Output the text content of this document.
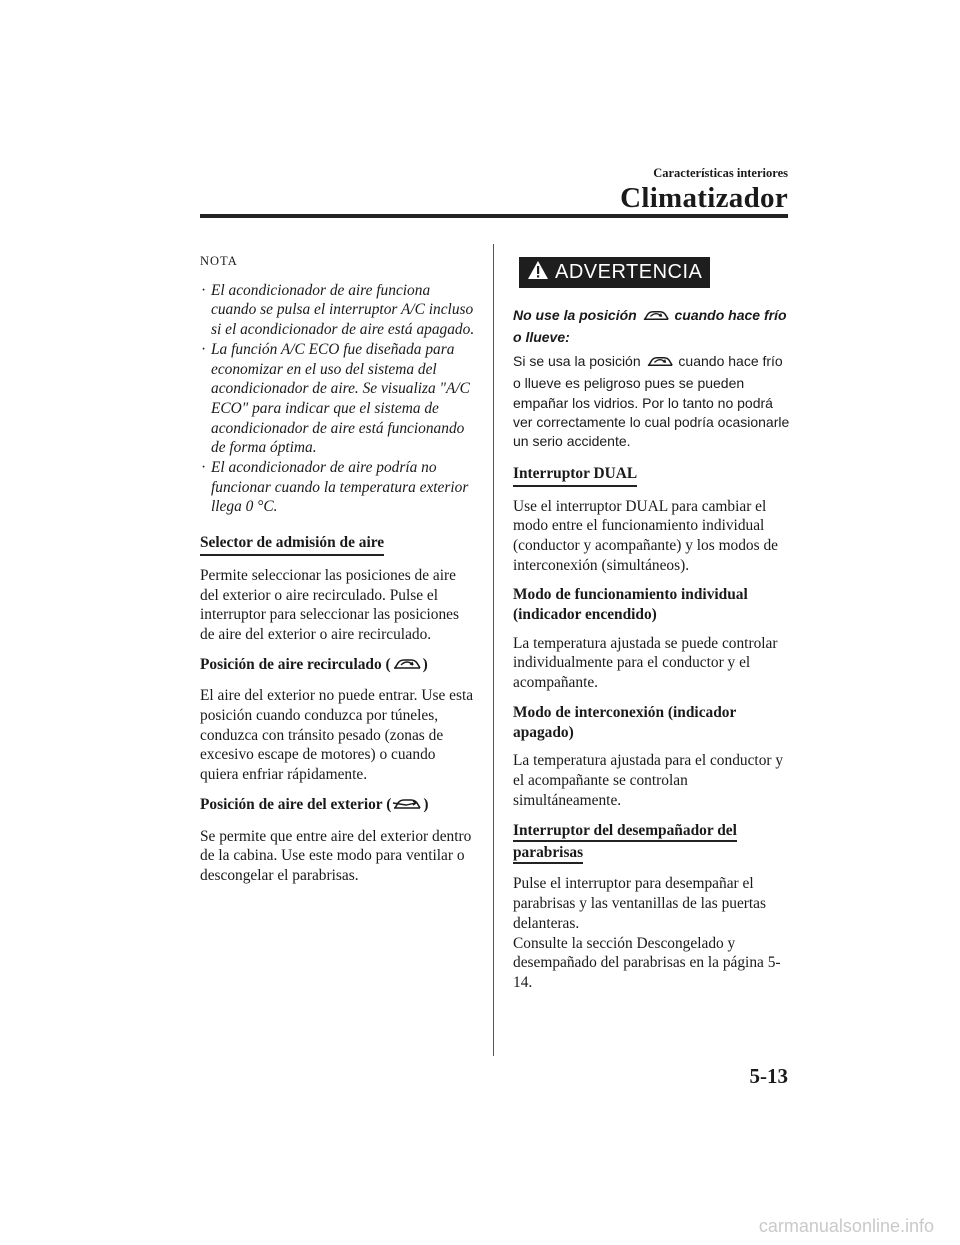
Características interiores
Climatizador
NOTA
· El acondicionador de aire funciona cuando se pulsa el interruptor A/C incluso si el acondicionador de aire está apagado.
· La función A/C ECO fue diseñada para economizar en el uso del sistema del acondicionador de aire. Se visualiza "A/C ECO" para indicar que el sistema de acondicionador de aire está funcionando de forma óptima.
· El acondicionador de aire podría no funcionar cuando la temperatura exterior llega 0 °C.
Selector de admisión de aire

Permite seleccionar las posiciones de aire del exterior o aire recirculado. Pulse el interruptor para seleccionar las posiciones de aire del exterior o aire recirculado.

Posición de aire recirculado ( )

El aire del exterior no puede entrar. Use esta posición cuando conduzca por túneles, conduzca con tránsito pesado (zonas de excesivo escape de motores) o cuando quiera enfriar rápidamente.

Posición de aire del exterior ( )

Se permite que entre aire del exterior dentro de la cabina. Use este modo para ventilar o descongelar el parabrisas.

ADVERTENCIA
No use la posición	cuando hace frío o llueve:
Si se usa la posición	cuando hace frío o llueve es peligroso pues se pueden empañar los vidrios. Por lo tanto no podrá ver correctamente lo cual podría ocasionarle un serio accidente.
Interruptor DUAL

Use el interruptor DUAL para cambiar el modo entre el funcionamiento individual (conductor y acompañante) y los modos de interconexión (simultáneos).

Modo de funcionamiento individual (indicador encendido)

La temperatura ajustada se puede controlar individualmente para el conductor y el acompañante.

Modo de interconexión (indicador apagado)

La temperatura ajustada para el conductor y el acompañante se controlan simultáneamente.

Interruptor del desempañador del parabrisas

Pulse el interruptor para desempañar el parabrisas y las ventanillas de las puertas delanteras.

Consulte la sección Descongelado y desempañado del parabrisas en la página 5-14.

5-13
carmanualsonline.info
